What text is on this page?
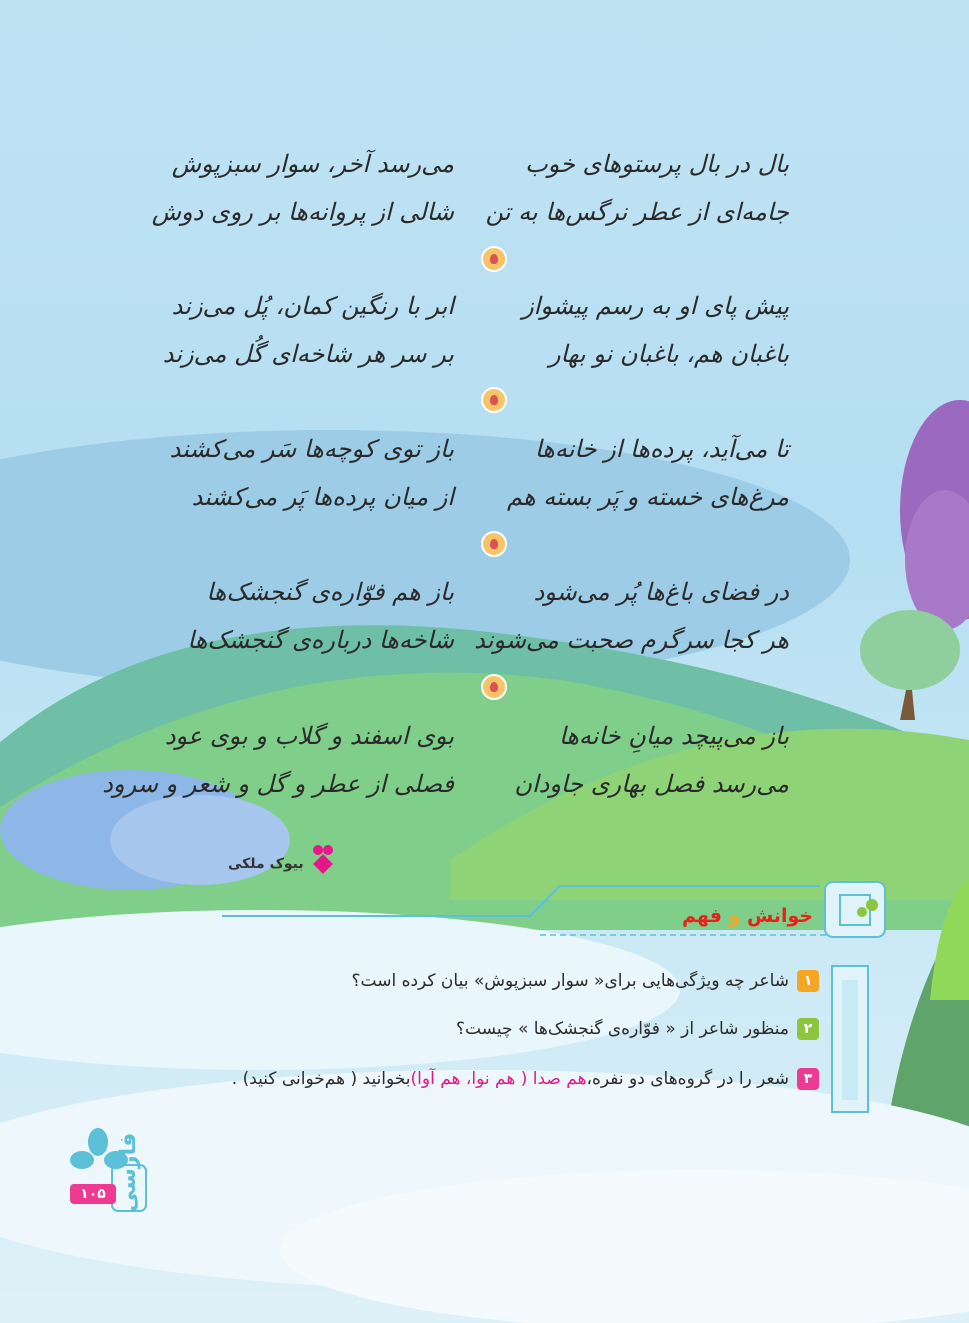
بال در بال پرستوهای خوب
می‌رسد آخر، سوار سبزپوش
جامه‌ای از عطر نرگس‌ها به تن
شالی از پروانه‌ها بر روی دوش
پیش پای او به رسم پیشواز
ابر با رنگین کمان، پُل می‌زند
باغبان هم، باغبان نو بهار
بر سر هر شاخه‌ای گُل می‌زند
تا می‌آید، پرده‌ها از خانه‌ها
باز توی کوچه‌ها سَر می‌کشند
مرغ‌های خسته و پَر بسته هم
از میان پرده‌ها پَر می‌کشند
در فضای باغ‌ها پُر می‌شود
باز هم فوّاره‌ی گنجشک‌ها
هر کجا سرگرم صحبت می‌شوند
شاخه‌ها درباره‌ی گنجشک‌ها
باز می‌پیچد میانِ خانه‌ها
بوی اسفند و گلاب و بوی عود
می‌رسد فصل بهاری جاودان
فصلی از عطر و گل و شعر و سرود
بیوک ملکی
خوانش و فهم
۱
شاعر چه ویژگی‌هایی برای« سوار سبزپوش» بیان کرده است؟
۲
منظور شاعر از « فوّاره‌ی گنجشک‌ها » چیست؟
۳
شعر را در گروه‌های دو نفره،
هم صدا ( هم نوا، هم آوا)
بخوانید ( هم‌خوانی کنید) .
۱۰۵ فارسی
